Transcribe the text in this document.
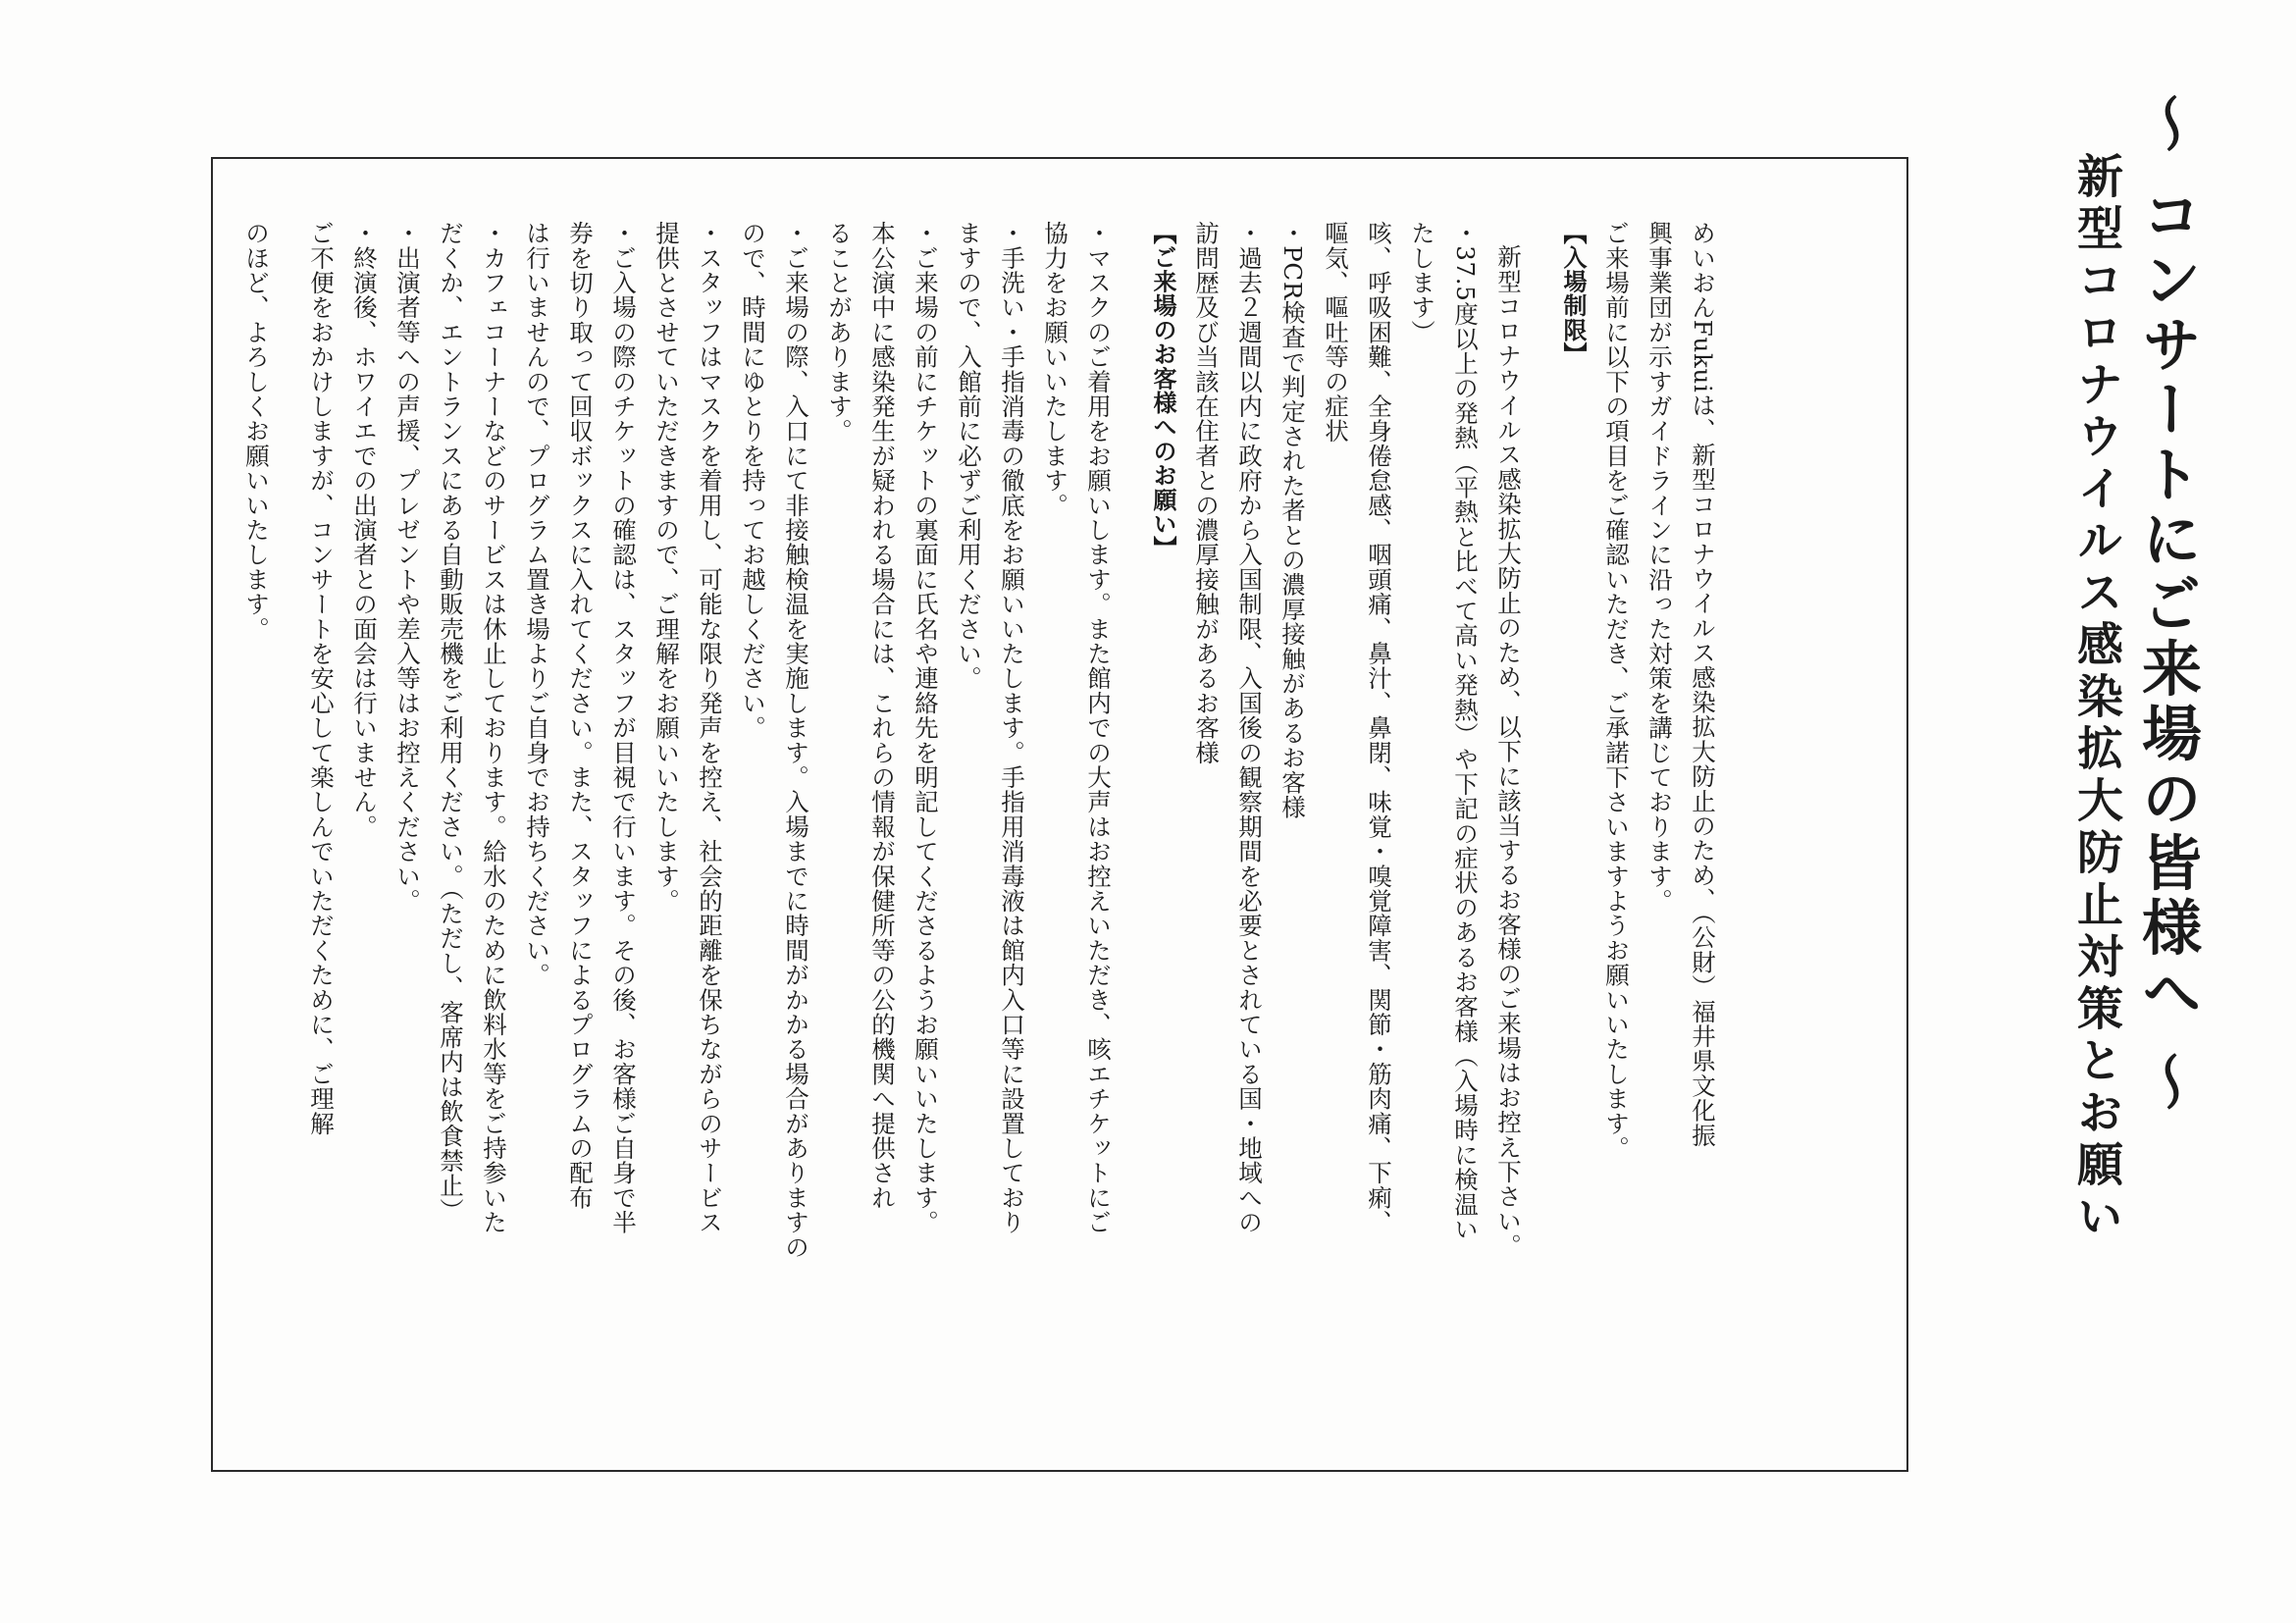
～ コンサートにご来場の皆様へ ～
新型コロナウイルス感染拡大防止対策とお願い

めいおんFukuiは、新型コロナウイルス感染拡大防止のため、（公財）福井県文化振

興事業団が示すガイドラインに沿った対策を講じております。

ご来場前に以下の項目をご確認いただき、ご承諾下さいますようお願いいたします。

【入場制限】

新型コロナウイルス感染拡大防止のため、以下に該当するお客様のご来場はお控え下さい。

・37.5度以上の発熱（平熱と比べて高い発熱）や下記の症状のあるお客様（入場時に検温い

たします）

咳、呼吸困難、全身倦怠感、咽頭痛、鼻汁、鼻閉、味覚・嗅覚障害、関節・筋肉痛、下痢、

嘔気、嘔吐等の症状

・PCR検査で判定された者との濃厚接触があるお客様

・過去２週間以内に政府から入国制限、入国後の観察期間を必要とされている国・地域への

訪問歴及び当該在住者との濃厚接触があるお客様

【ご来場のお客様へのお願い】

・マスクのご着用をお願いします。また館内での大声はお控えいただき、咳エチケットにご

協力をお願いいたします。

・手洗い・手指消毒の徹底をお願いいたします。手指用消毒液は館内入口等に設置しており

ますので、入館前に必ずご利用ください。

・ご来場の前にチケットの裏面に氏名や連絡先を明記してくださるようお願いいたします。

本公演中に感染発生が疑われる場合には、これらの情報が保健所等の公的機関へ提供され

ることがあります。

・ご来場の際、入口にて非接触検温を実施します。入場までに時間がかかる場合がありますの

ので、時間にゆとりを持ってお越しください。

・スタッフはマスクを着用し、可能な限り発声を控え、社会的距離を保ちながらのサービス

提供とさせていただきますので、ご理解をお願いいたします。

・ご入場の際のチケットの確認は、スタッフが目視で行います。その後、お客様ご自身で半

券を切り取って回収ボックスに入れてください。また、スタッフによるプログラムの配布

は行いませんので、プログラム置き場よりご自身でお持ちください。

・カフェコーナーなどのサービスは休止しております。給水のために飲料水等をご持参いた

だくか、エントランスにある自動販売機をご利用ください。（ただし、客席内は飲食禁止）

・出演者等への声援、プレゼントや差入等はお控えください。

・終演後、ホワイエでの出演者との面会は行いません。

ご不便をおかけしますが、コンサートを安心して楽しんでいただくために、ご理解

のほど、よろしくお願いいたします。
